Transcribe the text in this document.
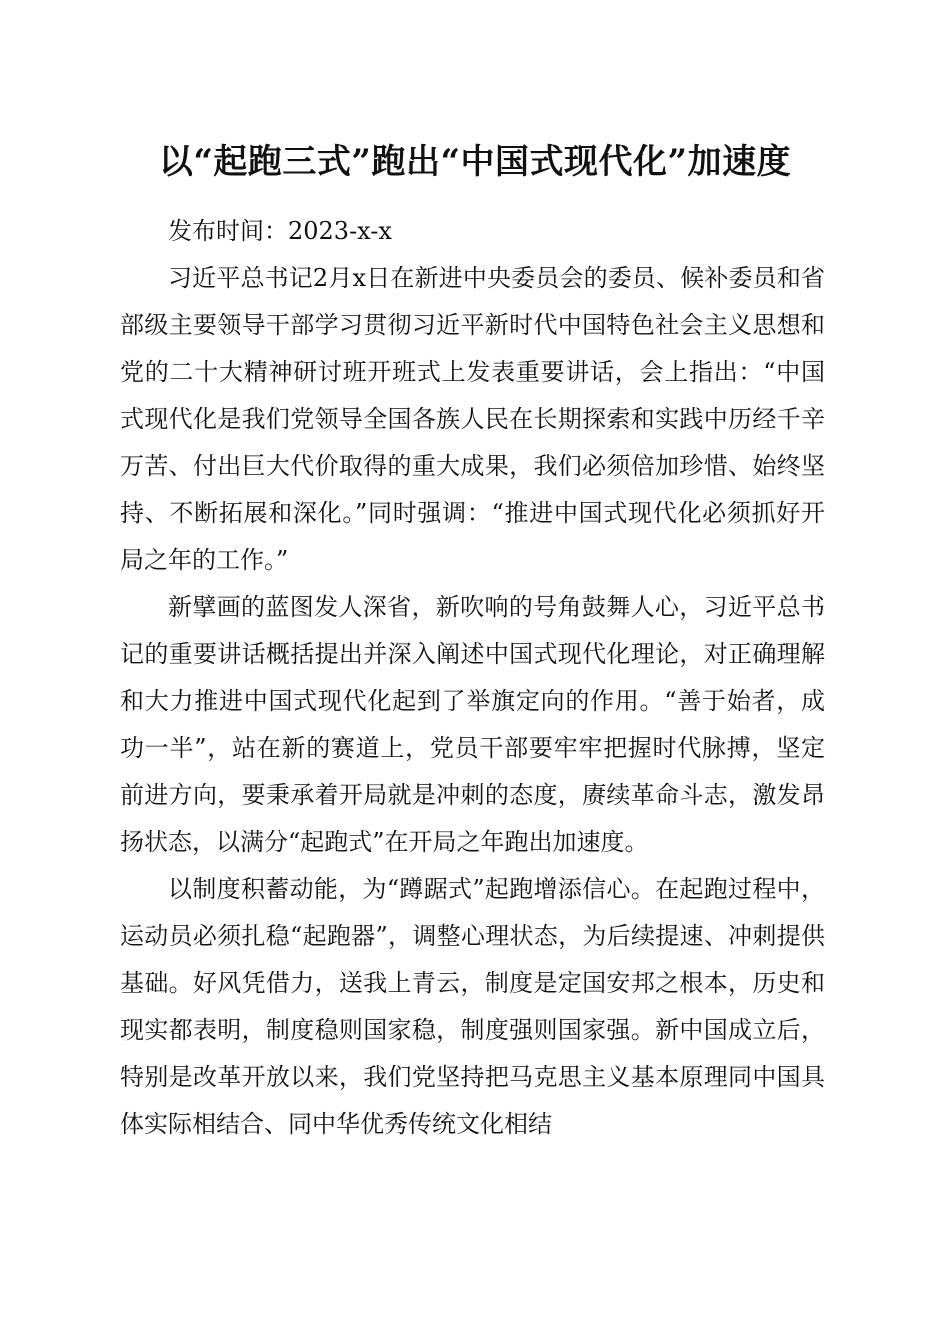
以“起跑三式”跑出“中国式现代化”加速度

发布时间：2023-x-x

习近平总书记2月x日在新进中央委员会的委员、候补委员和省部级主要领导干部学习贯彻习近平新时代中国特色社会主义思想和党的二十大精神研讨班开班式上发表重要讲话，会上指出：“中国式现代化是我们党领导全国各族人民在长期探索和实践中历经千辛万苦、付出巨大代价取得的重大成果，我们必须倍加珍惜、始终坚持、不断拓展和深化。”同时强调：“推进中国式现代化必须抓好开局之年的工作。”

新擘画的蓝图发人深省，新吹响的号角鼓舞人心，习近平总书记的重要讲话概括提出并深入阐述中国式现代化理论，对正确理解和大力推进中国式现代化起到了举旗定向的作用。“善于始者，成功一半”，站在新的赛道上，党员干部要牢牢把握时代脉搏，坚定前进方向，要秉承着开局就是冲刺的态度，赓续革命斗志，激发昂扬状态，以满分“起跑式”在开局之年跑出加速度。

以制度积蓄动能，为“蹲踞式”起跑增添信心。在起跑过程中，运动员必须扎稳“起跑器”，调整心理状态，为后续提速、冲刺提供基础。好风凭借力，送我上青云，制度是定国安邦之根本，历史和现实都表明，制度稳则国家稳，制度强则国家强。新中国成立后，特别是改革开放以来，我们党坚持把马克思主义基本原理同中国具体实际相结合、同中华优秀传统文化相结
